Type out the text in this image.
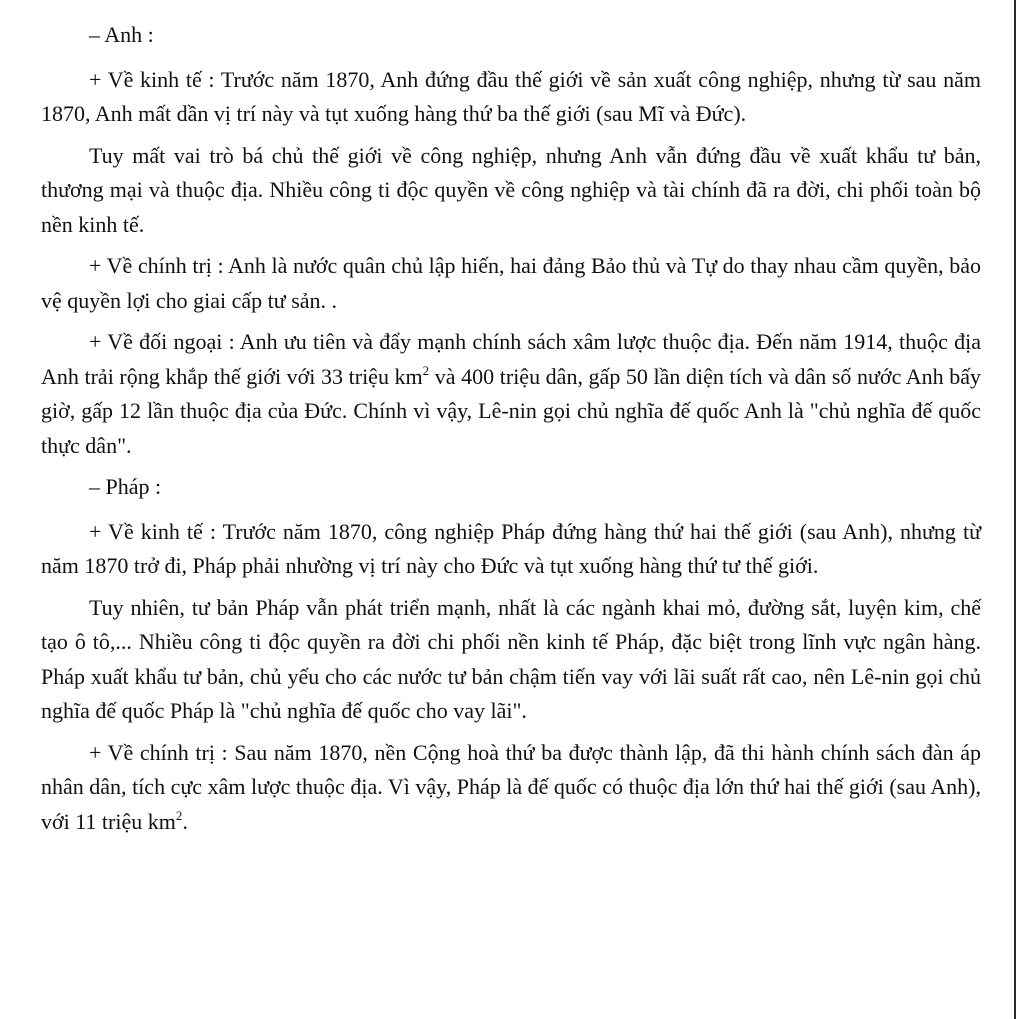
– Anh :

+ Về kinh tế : Trước năm 1870, Anh đứng đầu thế giới về sản xuất công nghiệp, nhưng từ sau năm 1870, Anh mất dần vị trí này và tụt xuống hàng thứ ba thế giới (sau Mĩ và Đức).

Tuy mất vai trò bá chủ thế giới về công nghiệp, nhưng Anh vẫn đứng đầu về xuất khẩu tư bản, thương mại và thuộc địa. Nhiều công ti độc quyền về công nghiệp và tài chính đã ra đời, chi phối toàn bộ nền kinh tế.

+ Về chính trị : Anh là nước quân chủ lập hiến, hai đảng Bảo thủ và Tự do thay nhau cầm quyền, bảo vệ quyền lợi cho giai cấp tư sản. .

+ Về đối ngoại : Anh ưu tiên và đẩy mạnh chính sách xâm lược thuộc địa. Đến năm 1914, thuộc địa Anh trải rộng khắp thế giới với 33 triệu $km^2$ và 400 triệu dân, gấp 50 lần diện tích và dân số nước Anh bấy giờ, gấp 12 lần thuộc địa của Đức. Chính vì vậy, Lê-nin gọi chủ nghĩa đế quốc Anh là "chủ nghĩa đế quốc thực dân".

– Pháp :

+ Về kinh tế : Trước năm 1870, công nghiệp Pháp đứng hàng thứ hai thế giới (sau Anh), nhưng từ năm 1870 trở đi, Pháp phải nhường vị trí này cho Đức và tụt xuống hàng thứ tư thế giới.

Tuy nhiên, tư bản Pháp vẫn phát triển mạnh, nhất là các ngành khai mỏ, đường sắt, luyện kim, chế tạo ô tô,... Nhiều công ti độc quyền ra đời chi phối nền kinh tế Pháp, đặc biệt trong lĩnh vực ngân hàng. Pháp xuất khẩu tư bản, chủ yếu cho các nước tư bản chậm tiến vay với lãi suất rất cao, nên Lê-nin gọi chủ nghĩa đế quốc Pháp là "chủ nghĩa đế quốc cho vay lãi".

+ Về chính trị : Sau năm 1870, nền Cộng hoà thứ ba được thành lập, đã thi hành chính sách đàn áp nhân dân, tích cực xâm lược thuộc địa. Vì vậy, Pháp là đế quốc có thuộc địa lớn thứ hai thế giới (sau Anh), với 11 triệu $km^2$.
